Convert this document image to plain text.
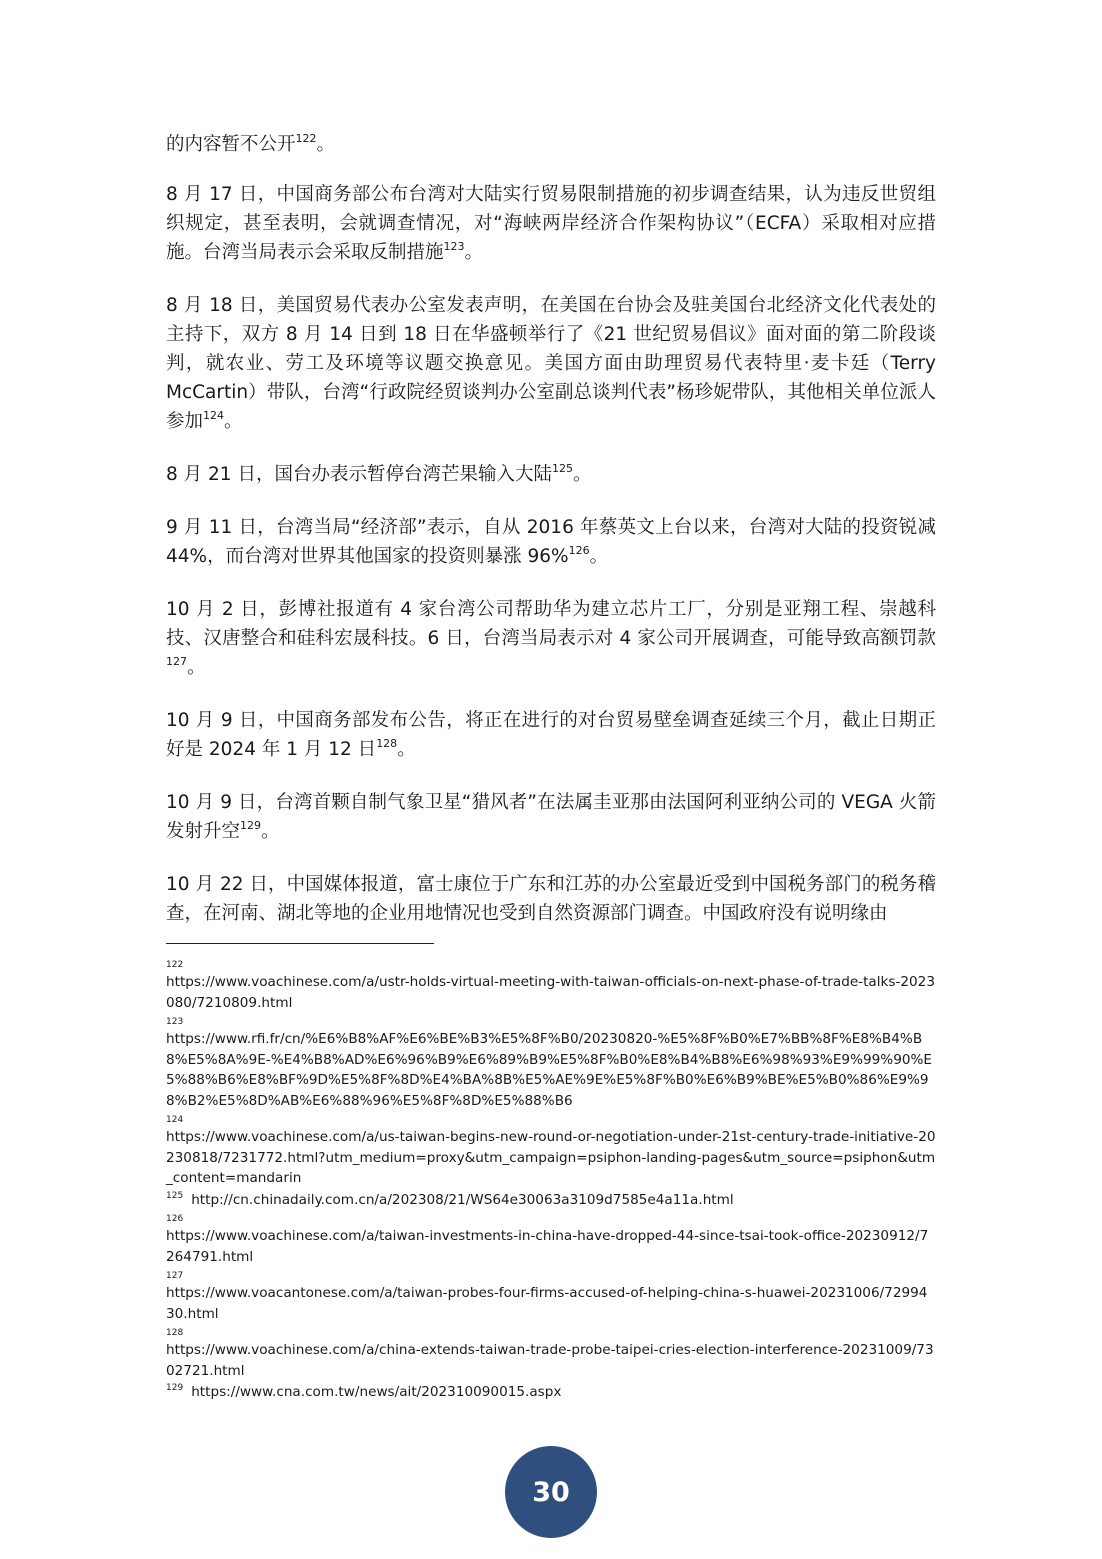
的内容暂不公开$^{122}$。

8 月 17 日，中国商务部公布台湾对大陆实行贸易限制措施的初步调查结果，认为违反世贸组织规定，甚至表明，会就调查情况，对“海峡两岸经济合作架构协议”（ECFA）采取相对应措施。台湾当局表示会采取反制措施$^{123}$。

8 月 18 日，美国贸易代表办公室发表声明，在美国在台协会及驻美国台北经济文化代表处的主持下，双方 8 月 14 日到 18 日在华盛顿举行了《21 世纪贸易倡议》面对面的第二阶段谈判，就农业、劳工及环境等议题交换意见。美国方面由助理贸易代表特里·麦卡廷（Terry McCartin）带队，台湾“行政院经贸谈判办公室副总谈判代表”杨珍妮带队，其他相关单位派人参加$^{124}$。

8 月 21 日，国台办表示暂停台湾芒果输入大陆$^{125}$。

9 月 11 日，台湾当局“经济部”表示，自从 2016 年蔡英文上台以来，台湾对大陆的投资锐减 44%，而台湾对世界其他国家的投资则暴涨 96%$^{126}$。

10 月 2 日，彭博社报道有 4 家台湾公司帮助华为建立芯片工厂，分别是亚翔工程、崇越科技、汉唐整合和硅科宏晟科技。6 日，台湾当局表示对 4 家公司开展调查，可能导致高额罚款$^{127}$。

10 月 9 日，中国商务部发布公告，将正在进行的对台贸易壁垒调查延续三个月，截止日期正好是 2024 年 1 月 12 日$^{128}$。

10 月 9 日，台湾首颗自制气象卫星“猎风者”在法属圭亚那由法国阿利亚纳公司的 VEGA 火箭发射升空$^{129}$。

10 月 22 日，中国媒体报道，富士康位于广东和江苏的办公室最近受到中国税务部门的税务稽查，在河南、湖北等地的企业用地情况也受到自然资源部门调查。中国政府没有说明缘由

122
https://www.voachinese.com/a/ustr-holds-virtual-meeting-with-taiwan-officials-on-next-phase-of-trade-talks-2023080/7210809.html
123
https://www.rfi.fr/cn/%E6%B8%AF%E6%BE%B3%E5%8F%B0/20230820-%E5%8F%B0%E7%BB%8F%E8%B4%B8%E5%8A%9E-%E4%B8%AD%E6%96%B9%E6%89%B9%E5%8F%B0%E8%B4%B8%E6%98%93%E9%99%90%E5%88%B6%E8%BF%9D%E5%8F%8D%E4%BA%8B%E5%AE%9E%E5%8F%B0%E6%B9%BE%E5%B0%86%E9%98%B2%E5%8D%AB%E6%88%96%E5%8F%8D%E5%88%B6
124
https://www.voachinese.com/a/us-taiwan-begins-new-round-or-negotiation-under-21st-century-trade-initiative-20230818/7231772.html?utm_medium=proxy&utm_campaign=psiphon-landing-pages&utm_source=psiphon&utm_content=mandarin
$^{125}$ http://cn.chinadaily.com.cn/a/202308/21/WS64e30063a3109d7585e4a11a.html
126
https://www.voachinese.com/a/taiwan-investments-in-china-have-dropped-44-since-tsai-took-office-20230912/7264791.html
127
https://www.voacantonese.com/a/taiwan-probes-four-firms-accused-of-helping-china-s-huawei-20231006/7299430.html
128
https://www.voachinese.com/a/china-extends-taiwan-trade-probe-taipei-cries-election-interference-20231009/7302721.html
$^{129}$ https://www.cna.com.tw/news/ait/202310090015.aspx
30
